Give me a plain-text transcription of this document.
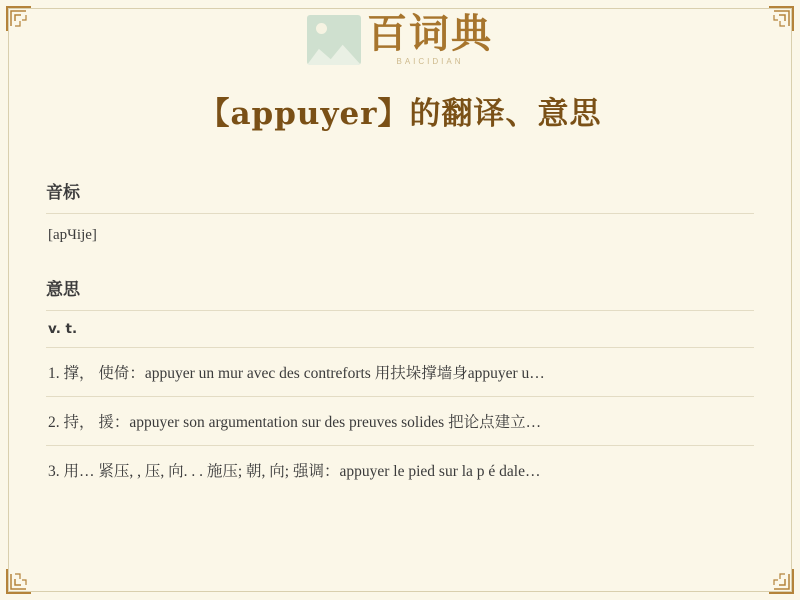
百词典
BAICIDIAN
【appuyer】的翻译、意思
音标
[apЧije]
意思
v. t.
1. 撑， 使倚：appuyer un mur avec des contreforts 用扶垛撑墙身appuyer u…
2. 持， 援：appuyer son argumentation sur des preuves solides 把论点建立…
3. 用… 紧压, , 压, 向. . . 施压; 朝, 向; 强调：appuyer le pied sur la p é dale…
